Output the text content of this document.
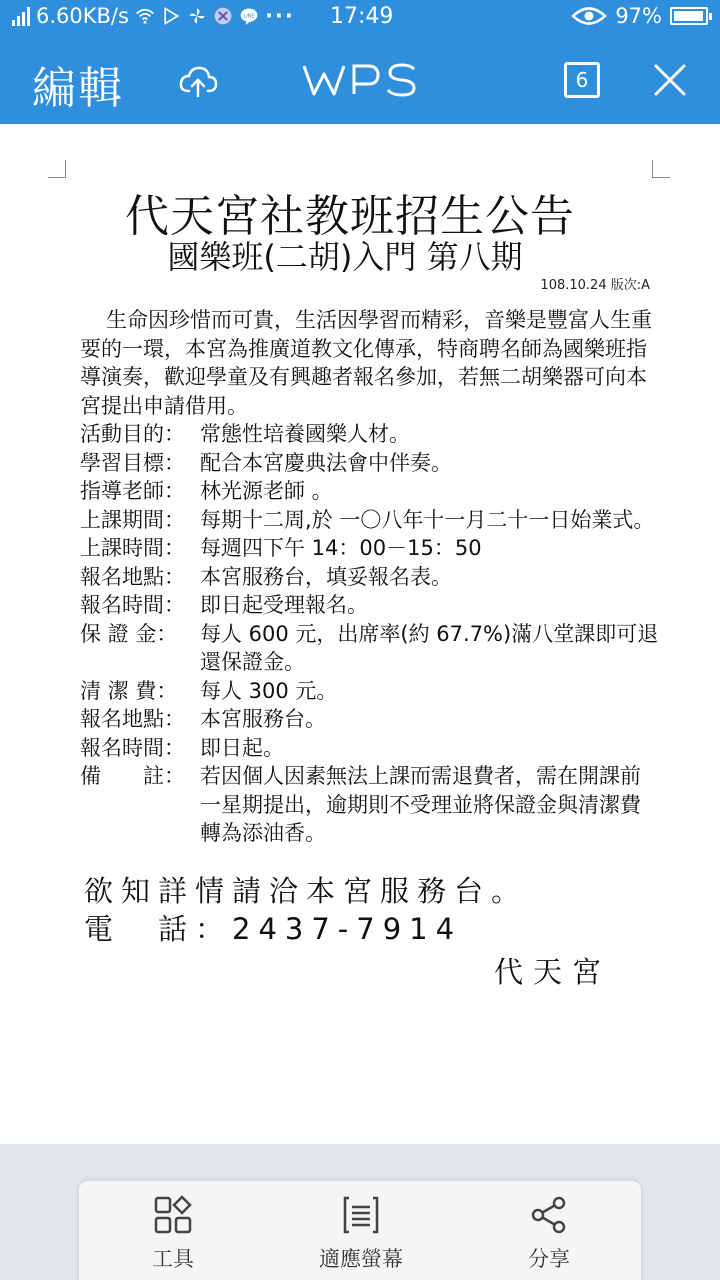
6.60KB/s	LINE ··· 17:49	97%
編輯	6
代天宮社教班招生公告
國樂班(二胡)入門 第八期
108.10.24 版次:A

生命因珍惜而可貴，生活因學習而精彩，音樂是豐富人生重要的一環，本宮為推廣道教文化傳承，特商聘名師為國樂班指導演奏，歡迎學童及有興趣者報名參加，若無二胡樂器可向本宮提出申請借用。

活動目的： 常態性培養國樂人材。
學習目標： 配合本宮慶典法會中伴奏。
指導老師： 林光源老師 。
上課期間： 每期十二周,於 一〇八年十一月二十一日始業式。
上課時間： 每週四下午 14：00－15：50
報名地點： 本宮服務台，填妥報名表。
報名時間： 即日起受理報名。
保 證 金：	每人 600 元，出席率(約 67.7%)滿八堂課即可退還保證金。
清 潔 費：	每人 300 元。
報名地點： 本宮服務台。
報名時間： 即日起。
備　　註： 若因個人因素無法上課而需退費者，需在開課前一星期提出，逾期則不受理並將保證金與清潔費轉為添油香。
欲知詳情請洽本宮服務台。
電　話：2437-7914
代天宮
工具	適應螢幕	分享
